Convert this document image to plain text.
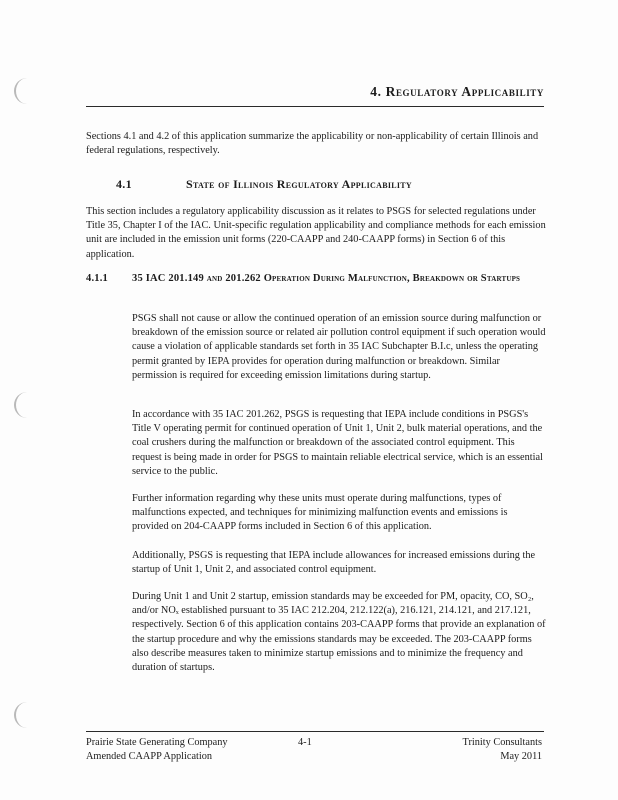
4. Regulatory Applicability
Sections 4.1 and 4.2 of this application summarize the applicability or non-applicability of certain Illinois and federal regulations, respectively.
4.1	State of Illinois Regulatory Applicability
This section includes a regulatory applicability discussion as it relates to PSGS for selected regulations under Title 35, Chapter I of the IAC. Unit-specific regulation applicability and compliance methods for each emission unit are included in the emission unit forms (220-CAAPP and 240-CAAPP forms) in Section 6 of this application.
4.1.1 35 IAC 201.149 and 201.262 Operation During Malfunction, Breakdown or Startups
PSGS shall not cause or allow the continued operation of an emission source during malfunction or breakdown of the emission source or related air pollution control equipment if such operation would cause a violation of applicable standards set forth in 35 IAC Subchapter B.I.c, unless the operating permit granted by IEPA provides for operation during malfunction or breakdown. Similar permission is required for exceeding emission limitations during startup.
In accordance with 35 IAC 201.262, PSGS is requesting that IEPA include conditions in PSGS's Title V operating permit for continued operation of Unit 1, Unit 2, bulk material operations, and the coal crushers during the malfunction or breakdown of the associated control equipment. This request is being made in order for PSGS to maintain reliable electrical service, which is an essential service to the public.
Further information regarding why these units must operate during malfunctions, types of malfunctions expected, and techniques for minimizing malfunction events and emissions is provided on 204-CAAPP forms included in Section 6 of this application.
Additionally, PSGS is requesting that IEPA include allowances for increased emissions during the startup of Unit 1, Unit 2, and associated control equipment.
During Unit 1 and Unit 2 startup, emission standards may be exceeded for PM, opacity, CO, SO₂, and/or NOₓ established pursuant to 35 IAC 212.204, 212.122(a), 216.121, 214.121, and 217.121, respectively. Section 6 of this application contains 203-CAAPP forms that provide an explanation of the startup procedure and why the emissions standards may be exceeded. The 203-CAAPP forms also describe measures taken to minimize startup emissions and to minimize the frequency and duration of startups.
Prairie State Generating Company
Amended CAAPP Application
4-1	Trinity Consultants
May 2011
